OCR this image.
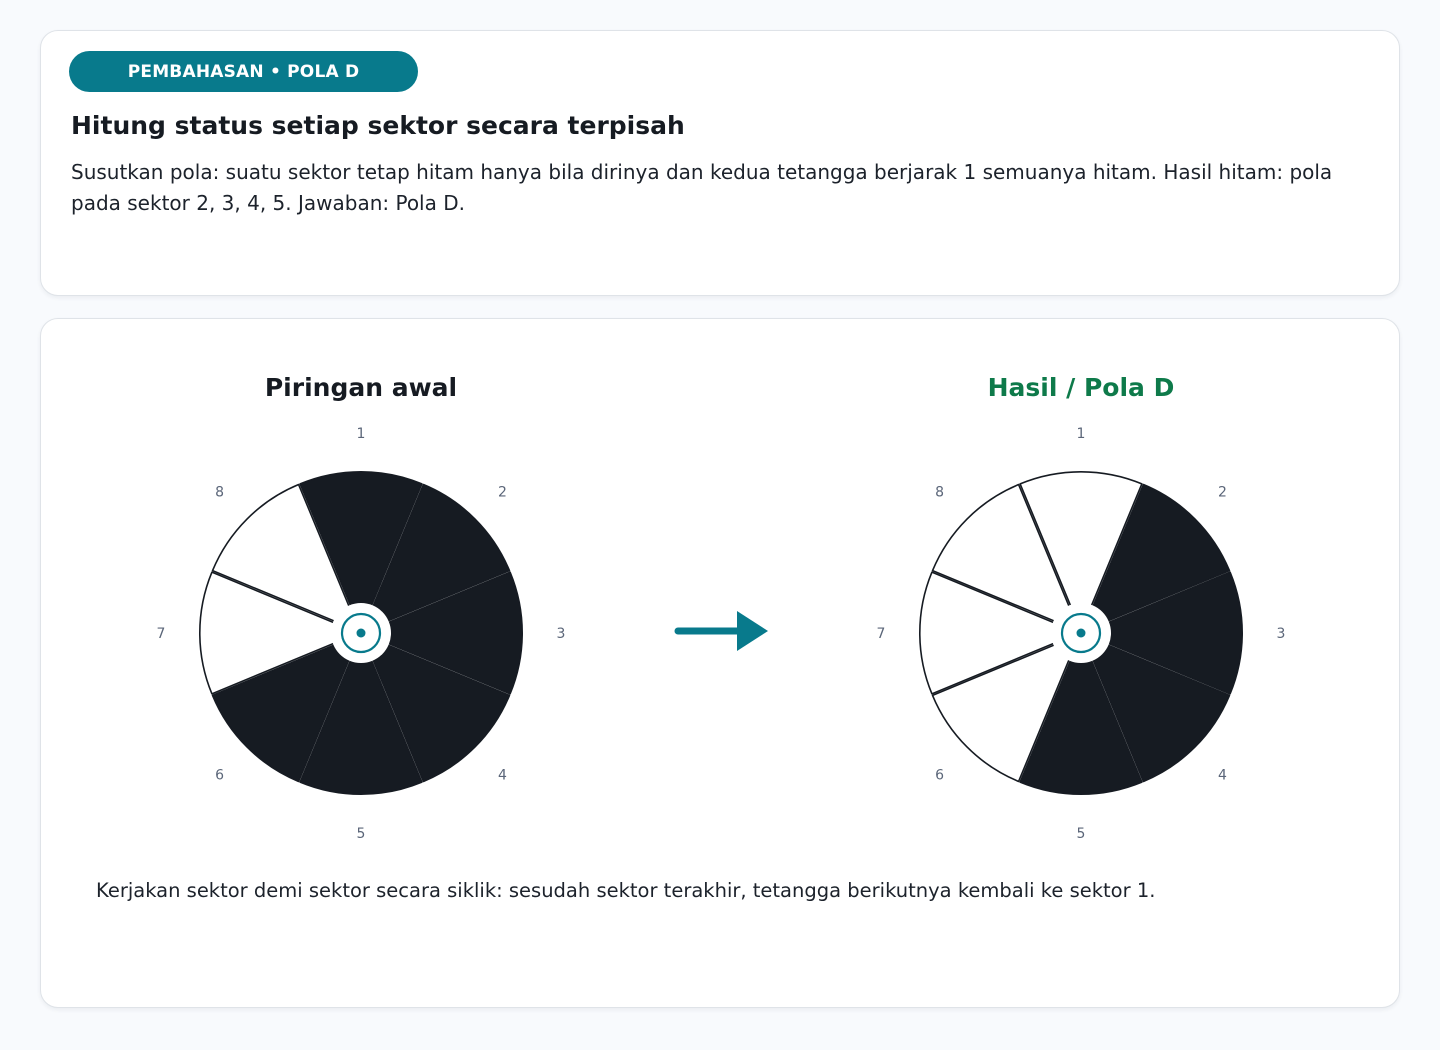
PEMBAHASAN • POLA D
Hitung status setiap sektor secara terpisah

Susutkan pola: suatu sektor tetap hitam hanya bila dirinya dan kedua tetangga berjarak 1 semuanya hitam. Hasil hitam: pola pada sektor 2, 3, 4, 5. Jawaban: Pola D.

Piringan awal	Hasil / Pola D
1
2
3
4
5
6
7
8
1
2
3
4
5
6
7
8

Kerjakan sektor demi sektor secara siklik: sesudah sektor terakhir, tetangga berikutnya kembali ke sektor 1.
